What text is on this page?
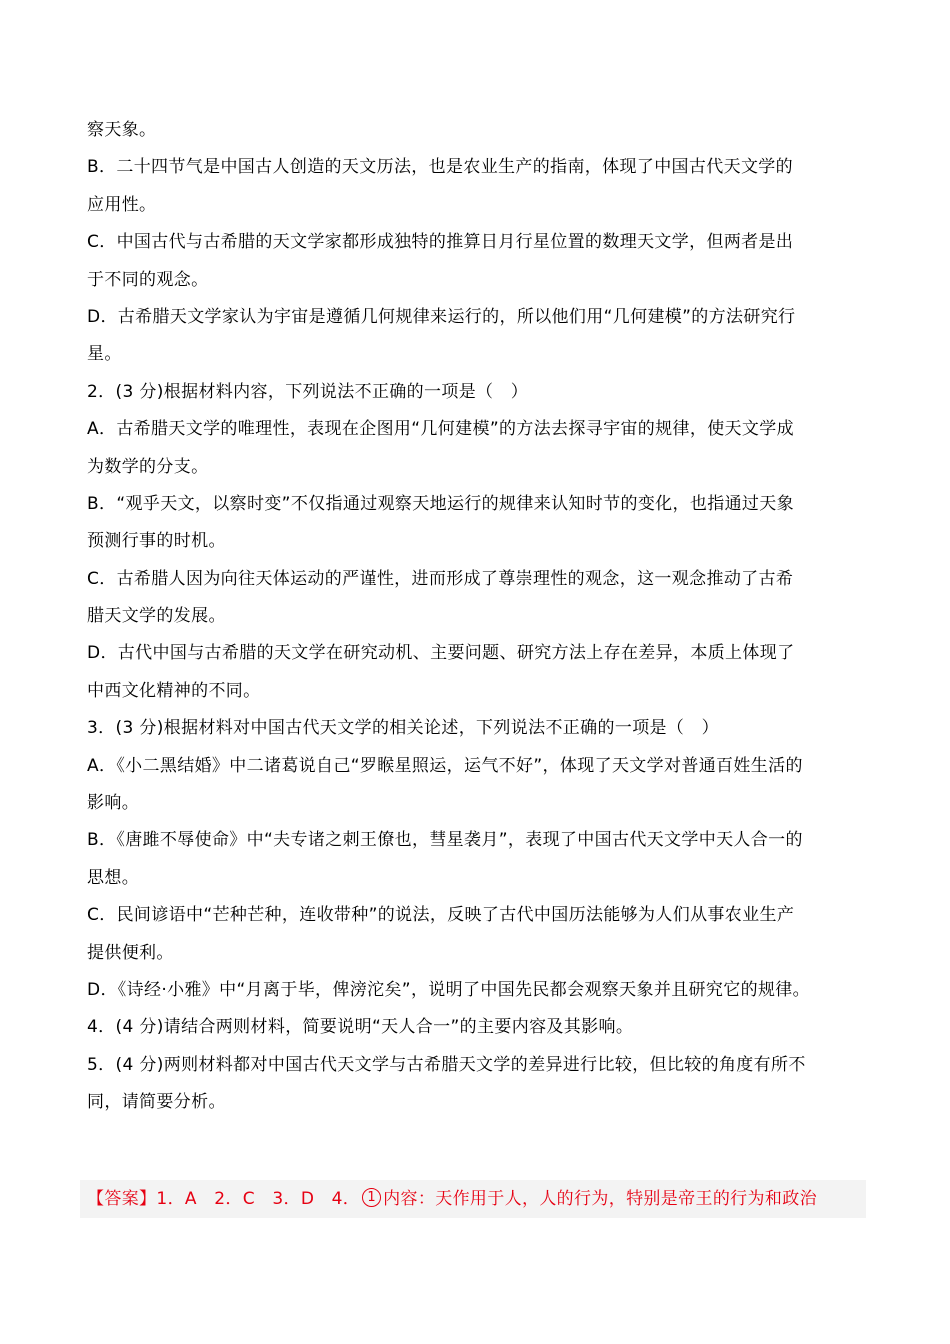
察天象。
B．二十四节气是中国古人创造的天文历法，也是农业生产的指南，体现了中国古代天文学的
应用性。
C．中国古代与古希腊的天文学家都形成独特的推算日月行星位置的数理天文学，但两者是出
于不同的观念。
D．古希腊天文学家认为宇宙是遵循几何规律来运行的，所以他们用“几何建模”的方法研究行
星。
2．(3 分)根据材料内容，下列说法不正确的一项是（　）
A．古希腊天文学的唯理性，表现在企图用“几何建模”的方法去探寻宇宙的规律，使天文学成
为数学的分支。
B．“观乎天文，以察时变”不仅指通过观察天地运行的规律来认知时节的变化，也指通过天象
预测行事的时机。
C．古希腊人因为向往天体运动的严谨性，进而形成了尊崇理性的观念，这一观念推动了古希
腊天文学的发展。
D．古代中国与古希腊的天文学在研究动机、主要问题、研究方法上存在差异，本质上体现了
中西文化精神的不同。
3．(3 分)根据材料对中国古代天文学的相关论述，下列说法不正确的一项是（　）
A．《小二黑结婚》中二诸葛说自己“罗睺星照运，运气不好”，体现了天文学对普通百姓生活的
影响。
B．《唐雎不辱使命》中“夫专诸之刺王僚也，彗星袭月”，表现了中国古代天文学中天人合一的
思想。
C．民间谚语中“芒种芒种，连收带种”的说法，反映了古代中国历法能够为人们从事农业生产
提供便利。
D．《诗经·小雅》中“月离于毕，俾滂沱矣”，说明了中国先民都会观察天象并且研究它的规律。
4．(4 分)请结合两则材料，简要说明“天人合一”的主要内容及其影响。
5．(4 分)两则材料都对中国古代天文学与古希腊天文学的差异进行比较，但比较的角度有所不
同，请简要分析。
【答案】1．A　2．C　3．D　4． 1 内容：天作用于人，人的行为，特别是帝王的行为和政治
